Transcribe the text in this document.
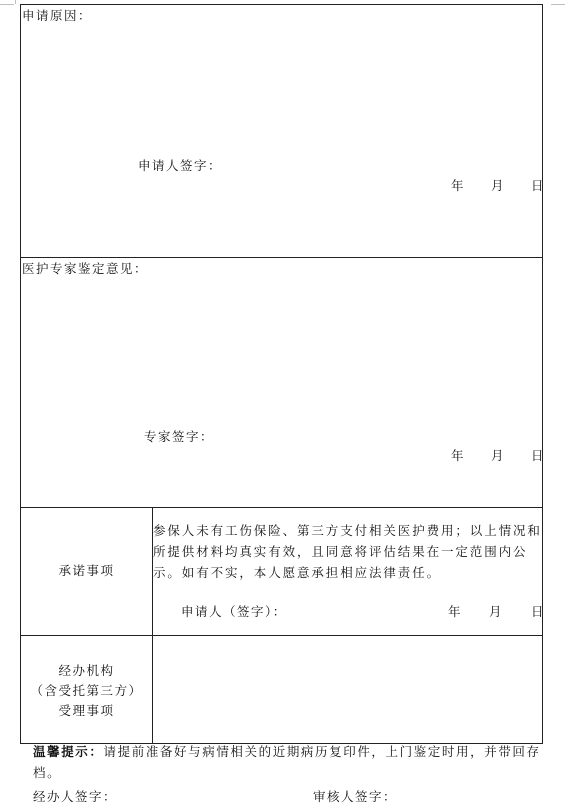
申请原因：
申请人签字：
年 月 日
医护专家鉴定意见：
专家签字：
年 月 日
承诺事项
参保人未有工伤保险、第三方支付相关医护费用；以上情况和所提供材料均真实有效，且同意将评估结果在一定范围内公示。如有不实，本人愿意承担相应法律责任。
申请人（签字）：	年 月 日
经办机构
（含受托第三方）
受理事项
温馨提示：请提前准备好与病情相关的近期病历复印件，上门鉴定时用，并带回存档。
经办人签字：	审核人签字：
